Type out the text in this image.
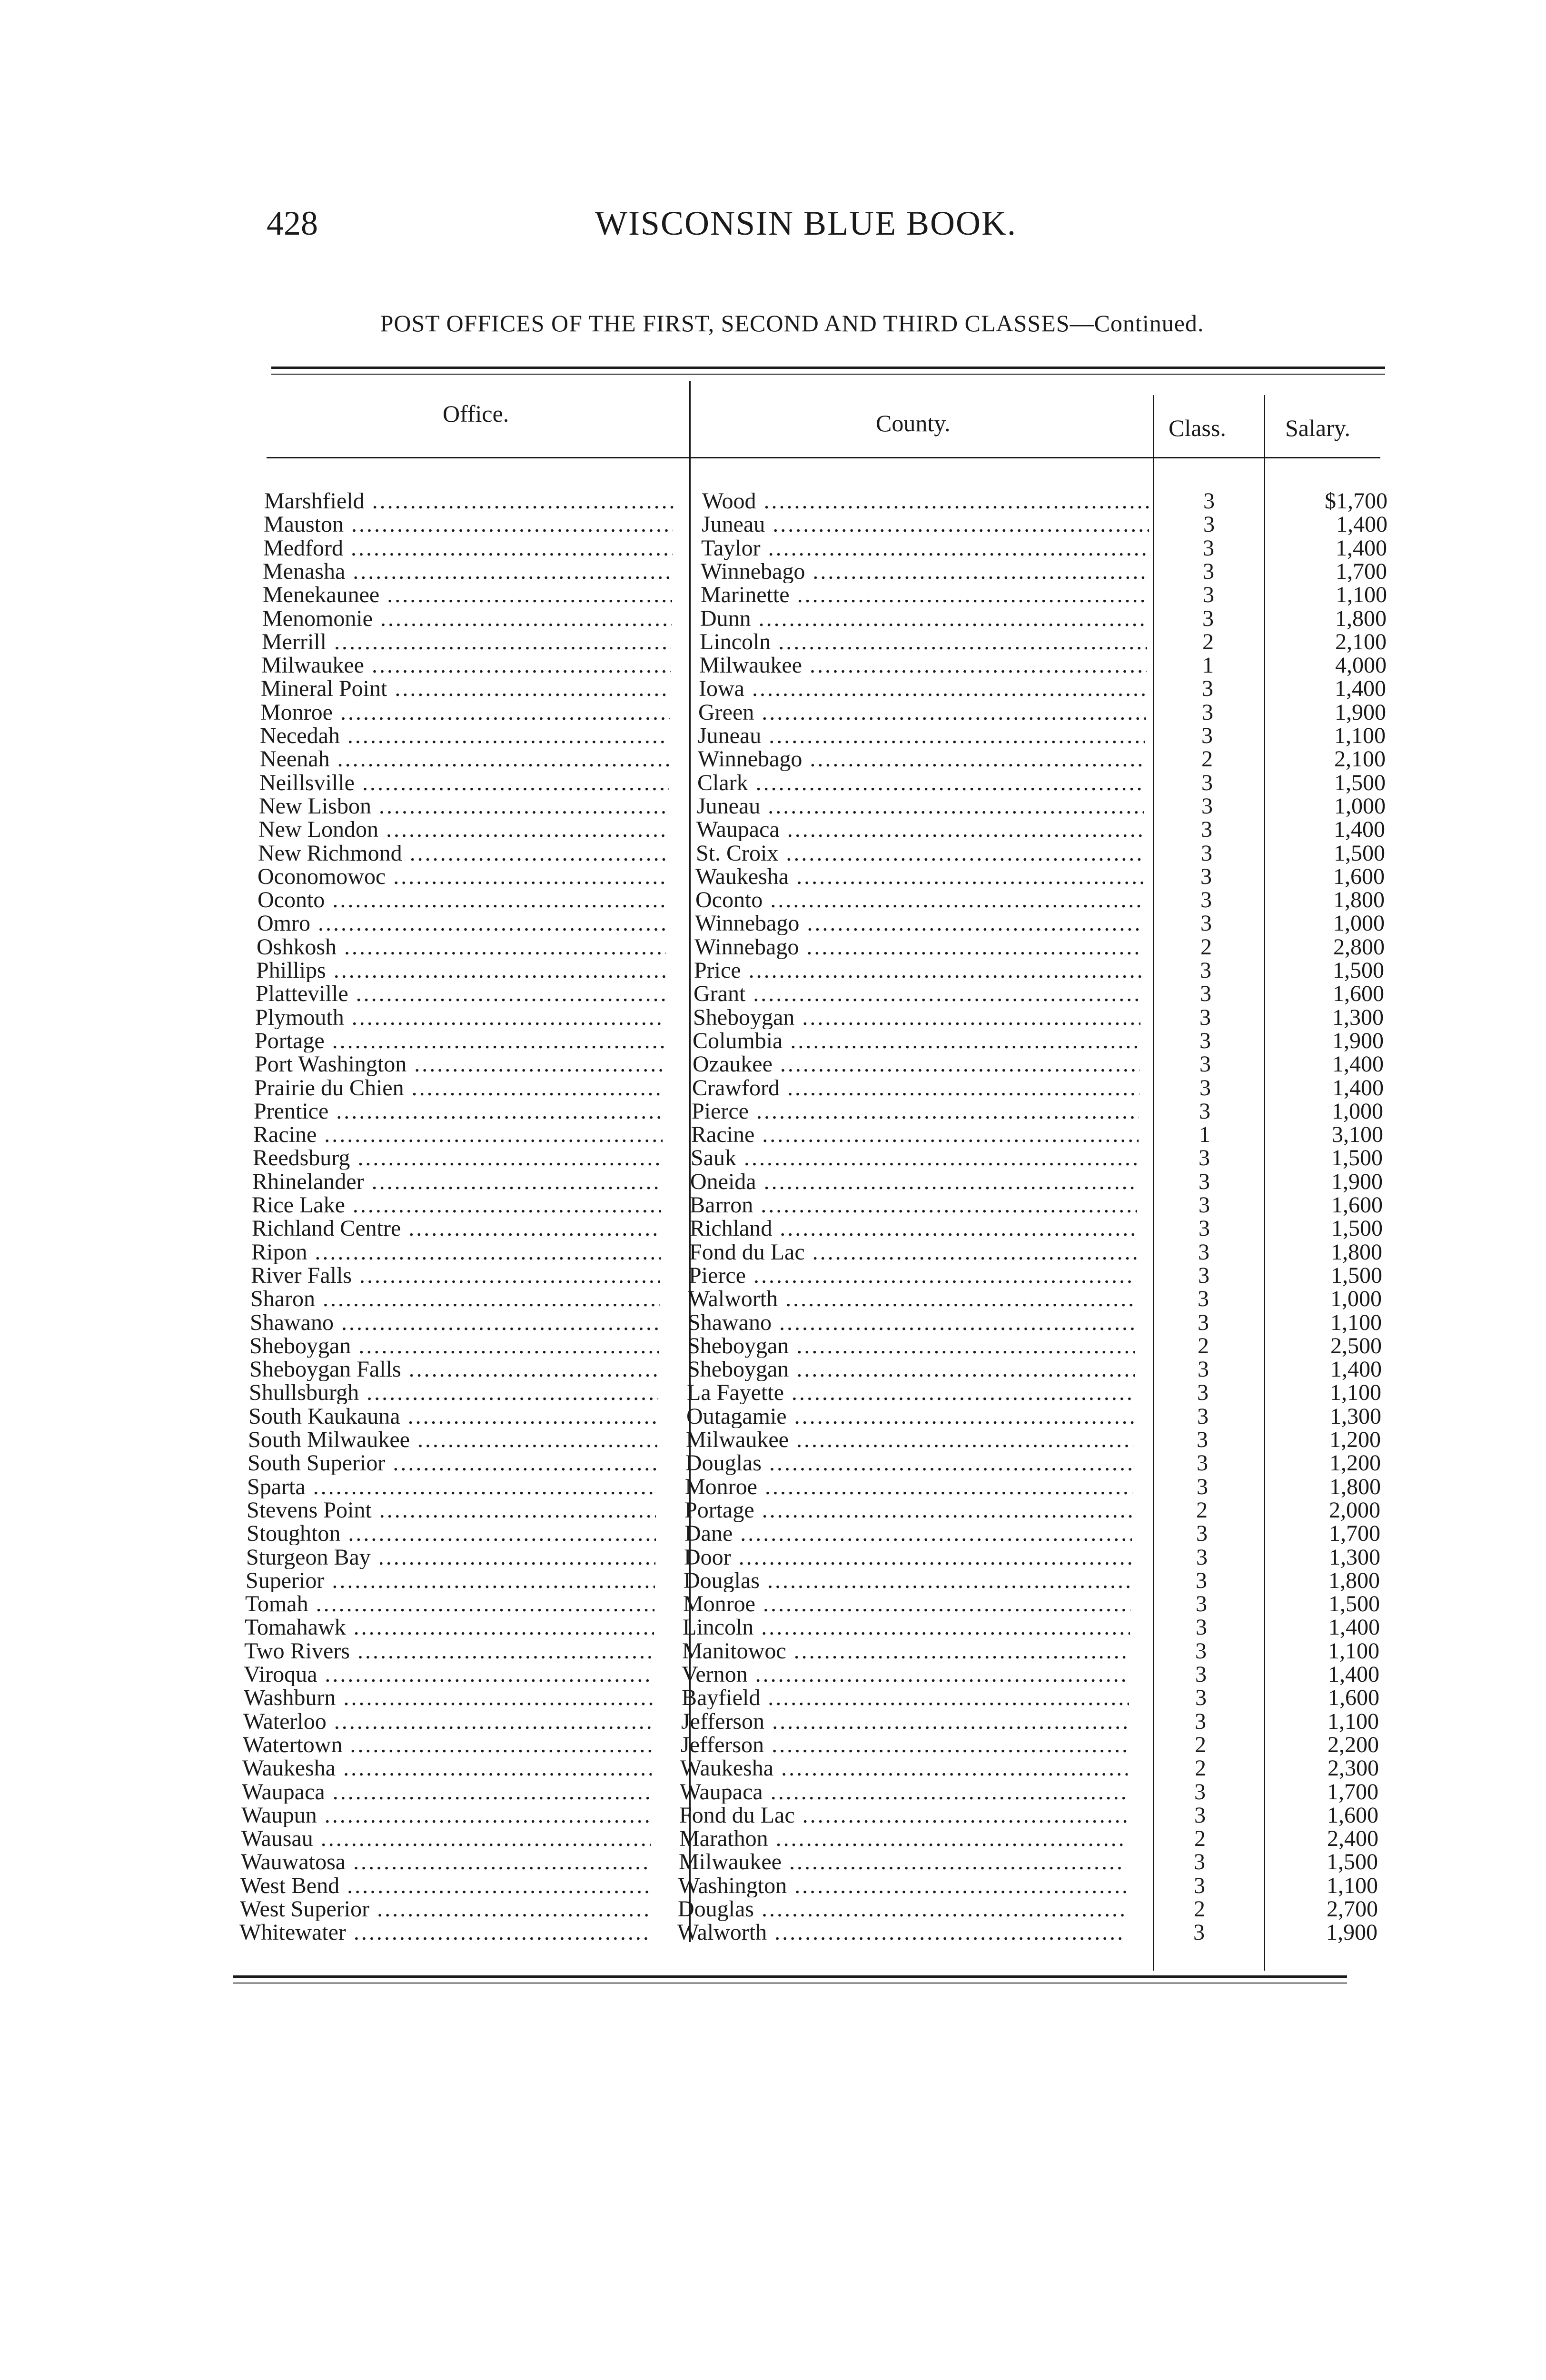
428	WISCONSIN BLUE BOOK.
POST OFFICES OF THE FIRST, SECOND AND THIRD CLASSES—Continued.
Office.	County.	Class. Salary.
Marshfield .....	Wood .....	3	$1,700
Mauston .....	Juneau .....	3	1,400
Medford .....	Taylor .....	3	1,400
Menasha .....	Winnebago .....	3	1,700
Menekaunee .....	Marinette .....	3	1,100
Menomonie .....	Dunn .....	3	1,800
Merrill .....	Lincoln .....	2	2,100
Milwaukee .....	Milwaukee .....	1	4,000
Mineral Point .....	Iowa .....	3	1,400
Monroe .....	Green .....	3	1,900
Necedah .....	Juneau .....	3	1,100
Neenah .....	Winnebago .....	2	2,100
Neillsville .....	Clark .....	3	1,500
New Lisbon .....	Juneau .....	3	1,000
New London .....	Waupaca .....	3	1,400
New Richmond .....	St. Croix .....	3	1,500
Oconomowoc .....	Waukesha .....	3	1,600
Oconto .....	Oconto .....	3	1,800
Omro .....	Winnebago .....	3	1,000
Oshkosh .....	Winnebago .....	2	2,800
Phillips .....	Price .....	3	1,500
Platteville .....	Grant .....	3	1,600
Plymouth .....	Sheboygan .....	3	1,300
Portage .....	Columbia .....	3	1,900
Port Washington .....	Ozaukee .....	3	1,400
Prairie du Chien .....	Crawford .....	3	1,400
Prentice .....	Pierce .....	3	1,000
Racine .....	Racine .....	1	3,100
Reedsburg .....	Sauk .....	3	1,500
Rhinelander .....	Oneida .....	3	1,900
Rice Lake .....	Barron .....	3	1,600
Richland Centre .....	Richland .....	3	1,500
Ripon .....	Fond du Lac .....	3	1,800
River Falls .....	Pierce .....	3	1,500
Sharon .....	Walworth .....	3	1,000
Shawano .....	Shawano .....	3	1,100
Sheboygan .....	Sheboygan .....	2	2,500
Sheboygan Falls .....	Sheboygan .....	3	1,400
Shullsburgh .....	La Fayette .....	3	1,100
South Kaukauna .....	Outagamie .....	3	1,300
South Milwaukee .....	Milwaukee .....	3	1,200
South Superior .....	Douglas .....	3	1,200
Sparta .....	Monroe .....	3	1,800
Stevens Point .....	Portage .....	2	2,000
Stoughton .....	Dane .....	3	1,700
Sturgeon Bay .....	Door .....	3	1,300
Superior .....	Douglas .....	3	1,800
Tomah .....	Monroe .....	3	1,500
Tomahawk .....	Lincoln .....	3	1,400
Two Rivers .....	Manitowoc .....	3	1,100
Viroqua .....	Vernon .....	3	1,400
Washburn .....	Bayfield .....	3	1,600
Waterloo .....	Jefferson .....	3	1,100
Watertown .....	Jefferson .....	2	2,200
Waukesha .....	Waukesha .....	2	2,300
Waupaca .....	Waupaca .....	3	1,700
Waupun .....	Fond du Lac .....	3	1,600
Wausau .....	Marathon .....	2	2,400
Wauwatosa .....	Milwaukee .....	3	1,500
West Bend .....	Washington .....	3	1,100
West Superior .....	Douglas .....	2	2,700
Whitewater .....	Walworth .....	3	1,900
